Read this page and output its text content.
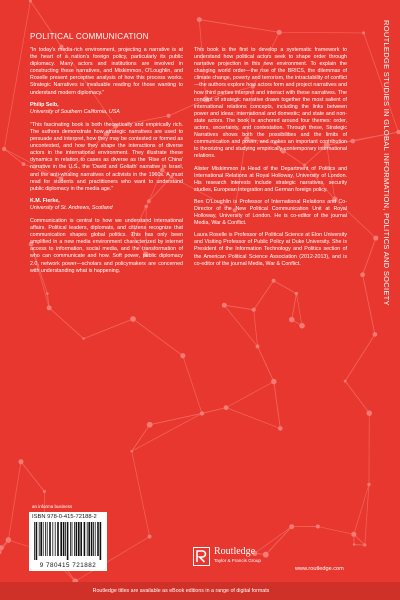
POLITICAL COMMUNICATION

"In today's media-rich environment, projecting a narrative is at the heart of a nation's foreign policy, particularly its public diplomacy. Many actors and institutions are involved in constructing these narratives, and Miskimmon, O'Loughlin, and Roselle present perceptive analysis of how this process works. Strategic Narratives is invaluable reading for those wanting to understand modern diplomacy."

Philip Seib,
University of Southern California, USA

"This fascinating book is both theoretically and empirically rich. The authors demonstrate how strategic narratives are used to persuade and interpret, how they may be contested or formed as uncontested, and how they shape the interactions of diverse actors in the international environment. They illustrate these dynamics in relation to cases as diverse as the 'Rise of China' narrative in the U.S., the 'David and Goliath' narrative in Israel, and the anti-whaling narratives of activists in the 1960s. A must read for students and practitioners who want to understand public diplomacy in the media age."

K.M. Fierke,
University of St. Andrews, Scotland

Communication is central to how we understand international affairs. Political leaders, diplomats, and citizens recognize that communication shapes global politics. This has only been amplified in a new media environment characterized by internet access to information, social media, and the transformation of who can communicate and how. Soft power, public diplomacy 2.0, network power—scholars and policymakers are concerned with understanding what is happening.

This book is the first to develop a systematic framework to understand how political actors seek to shape order through narrative projection in this new environment. To explain the changing world order—the rise of the BRICS, the dilemmas of climate change, poverty and terrorism, the intractability of conflict—the authors explore how actors form and project narratives and how third parties interpret and interact with these narratives. The concept of strategic narrative draws together the most salient of international relations concepts, including the links between power and ideas; international and domestic; and state and non-state actors. The book is anchored around four themes: order, actors, uncertainty, and contestation. Through these, Strategic Narratives shows both the possibilities and the limits of communication and power, and makes an important contribution to theorizing and studying empirically contemporary international relations.

Alister Miskimmon is Head of the Department of Politics and International Relations at Royal Holloway, University of London. His research interests include strategic narratives, security studies, European integration and German foreign policy.

Ben O'Loughlin is Professor of International Relations and Co-Director of the New Political Communication Unit at Royal Holloway, University of London. He is co-editor of the journal Media, War & Conflict.

Laura Roselle is Professor of Political Science at Elon University and Visiting Professor of Public Policy at Duke University. She is President of the Information Technology and Politics section of the American Political Science Association (2012-2013), and is co-editor of the journal Media, War & Conflict.	ROUTLEDGE STUDIES IN GLOBAL INFORMATION, POLITICS AND SOCIETY
an informa business
ISBN 978-0-415-72188-2
9 780415 721882
Routledge
Taylor & Francis Group
www.routledge.com
Routledge titles are available as eBook editions in a range of digital formats
